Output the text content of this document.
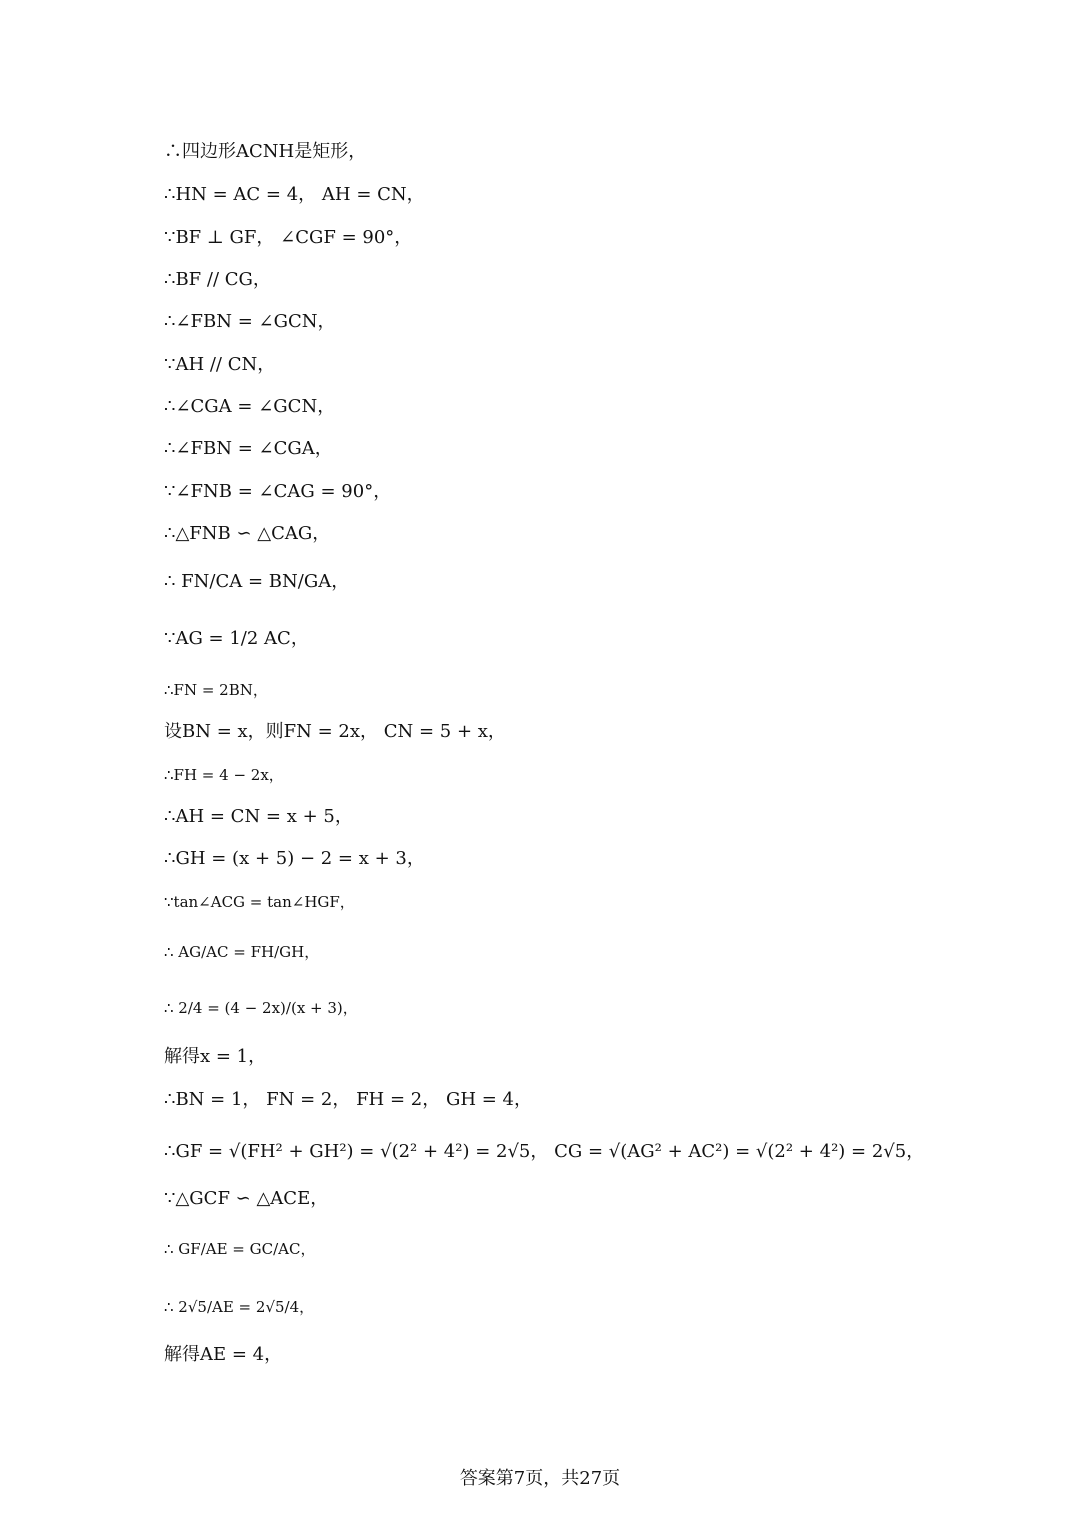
∴四边形ACNH是矩形，
∴HN = AC = 4， AH = CN，
∵BF ⊥ GF， ∠CGF = 90°，
∴BF // CG，
∴∠FBN = ∠GCN，
∵AH // CN，
∴∠CGA = ∠GCN，
∴∠FBN = ∠CGA，
∵∠FNB = ∠CAG = 90°，
∴△FNB ∽ △CAG，
∴ FN/CA = BN/GA，
∵AG = 1/2 AC，
∴FN = 2BN，
设BN = x，则FN = 2x， CN = 5 + x，
∴FH = 4 − 2x，
∴AH = CN = x + 5，
∴GH = (x + 5) − 2 = x + 3，
∵tan∠ACG = tan∠HGF，
∴ AG/AC = FH/GH，
∴ 2/4 = (4 − 2x)/(x + 3)，
解得x = 1，
∴BN = 1， FN = 2， FH = 2， GH = 4，
∴GF = √(FH² + GH²) = √(2² + 4²) = 2√5， CG = √(AG² + AC²) = √(2² + 4²) = 2√5，
∵△GCF ∽ △ACE，
∴ GF/AE = GC/AC，
∴ 2√5/AE = 2√5/4，
解得AE = 4，
答案第7页，共27页
